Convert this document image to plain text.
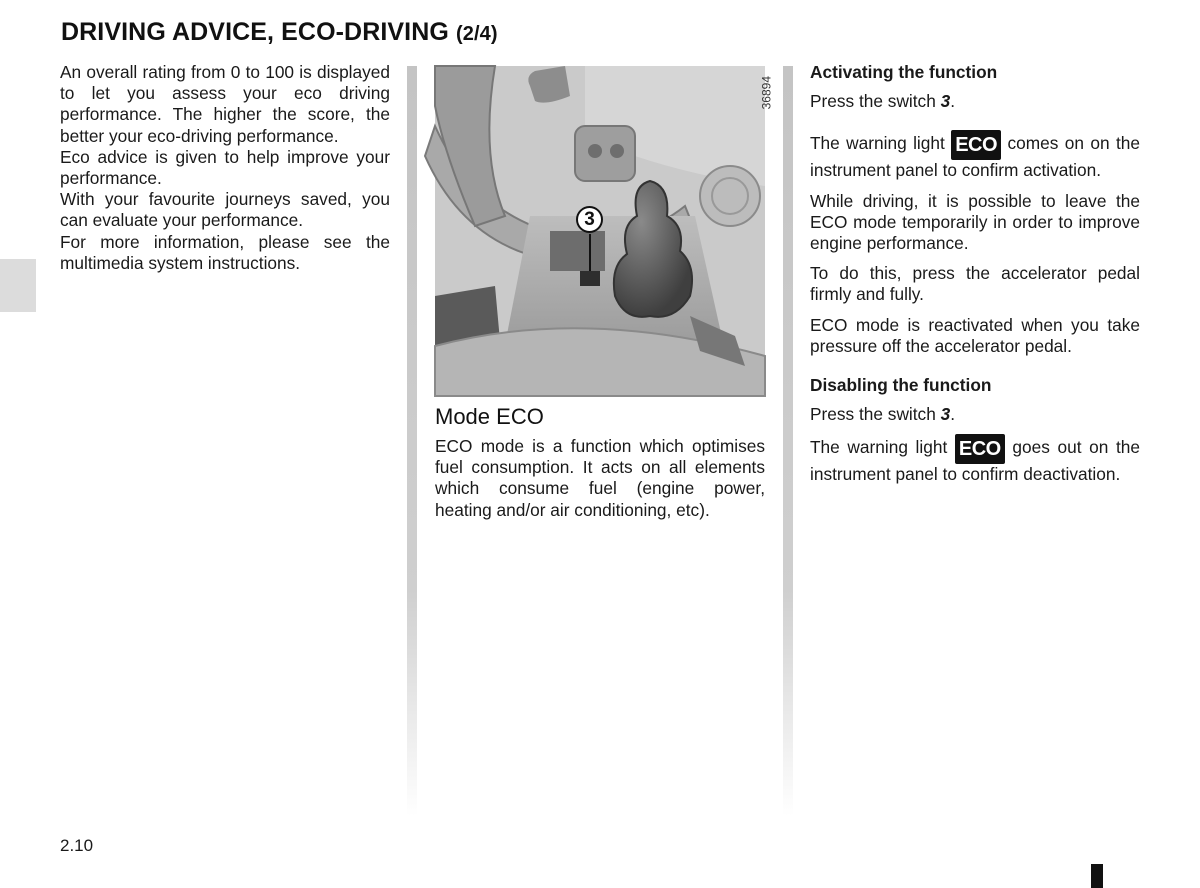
DRIVING ADVICE, ECO-DRIVING (2/4)

An overall rating from 0 to 100 is displayed to let you assess your eco driving performance. The higher the score, the better your eco-driving performance.

Eco advice is given to help improve your performance.

With your favourite journeys saved, you can evaluate your performance.

For more information, please see the multimedia system instructions.

36894
3
Mode ECO

ECO mode is a function which optimises fuel consumption. It acts on all elements which consume fuel (engine power, heating and/or air conditioning, etc).

Activating the function

Press the switch 3.

The warning light ECO comes on on the instrument panel to confirm activation.

While driving, it is possible to leave the ECO mode temporarily in order to improve engine performance.

To do this, press the accelerator pedal firmly and fully.

ECO mode is reactivated when you take pressure off the accelerator pedal.

Disabling the function

Press the switch 3.

The warning light ECO goes out on the instrument panel to confirm deactivation.

2.10
